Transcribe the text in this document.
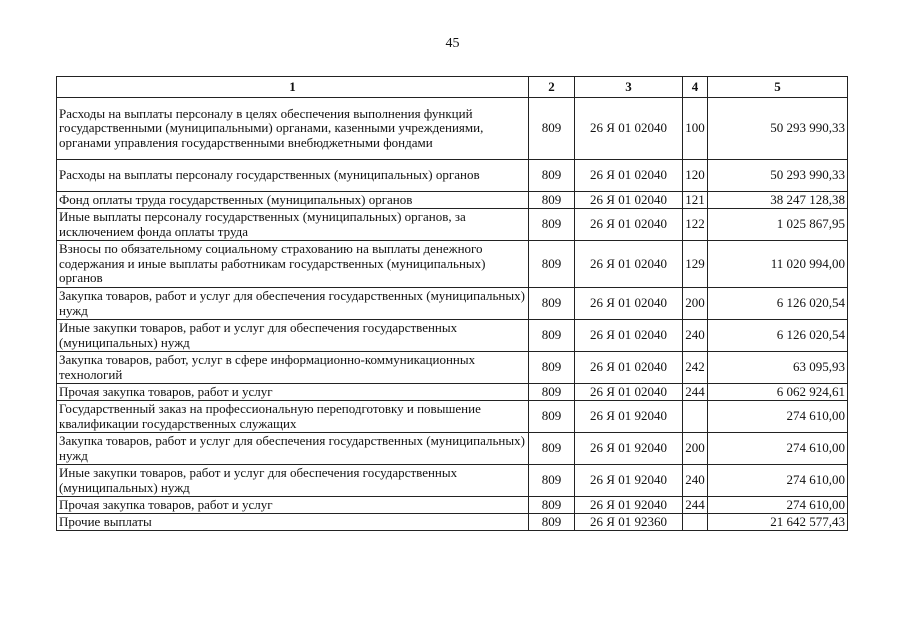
45
1	2	3	4	5
Расходы на выплаты персоналу в целях обеспечения выполнения функций государственными (муниципальными) органами, казенными учреждениями, органами управления государственными внебюджетными фондами	809	26 Я 01 02040	100	50 293 990,33
Расходы на выплаты персоналу государственных (муниципальных) органов	809	26 Я 01 02040	120	50 293 990,33
Фонд оплаты труда государственных (муниципальных) органов	809	26 Я 01 02040	121	38 247 128,38
Иные выплаты персоналу государственных (муниципальных) органов, за исключением фонда оплаты труда	809	26 Я 01 02040	122	1 025 867,95
Взносы по обязательному социальному страхованию на выплаты денежного содержания и иные выплаты работникам государственных (муниципальных) органов	809	26 Я 01 02040	129	11 020 994,00
Закупка товаров, работ и услуг для обеспечения государственных (муниципальных) нужд	809	26 Я 01 02040	200	6 126 020,54
Иные закупки товаров, работ и услуг для обеспечения государственных (муниципальных) нужд	809	26 Я 01 02040	240	6 126 020,54
Закупка товаров, работ, услуг в сфере информационно-коммуникационных технологий	809	26 Я 01 02040	242	63 095,93
Прочая закупка товаров, работ и услуг	809	26 Я 01 02040	244	6 062 924,61
Государственный заказ на профессиональную переподготовку и повышение квалификации государственных служащих	809	26 Я 01 92040		274 610,00
Закупка товаров, работ и услуг для обеспечения государственных (муниципальных) нужд	809	26 Я 01 92040	200	274 610,00
Иные закупки товаров, работ и услуг для обеспечения государственных (муниципальных) нужд	809	26 Я 01 92040	240	274 610,00
Прочая закупка товаров, работ и услуг	809	26 Я 01 92040	244	274 610,00
Прочие выплаты	809	26 Я 01 92360		21 642 577,43
